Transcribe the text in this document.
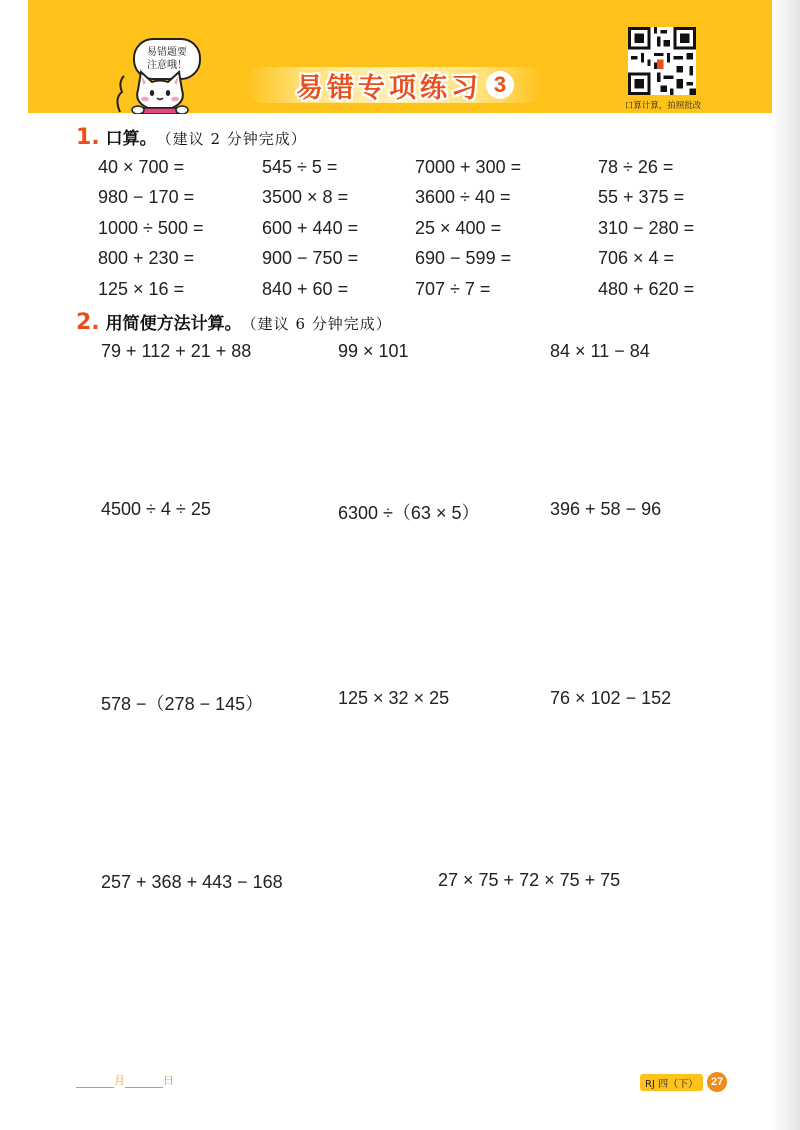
易 错 专 项 练 习 3
易错题要
注意哦！
口算计算，拍照批改
1. 口算。 （建议 2 分钟完成）
40 × 700 =	545 ÷ 5 =	7000 + 300 =	78 ÷ 26 =
980 − 170 =	3500 × 8 =	3600 ÷ 40 =	55 + 375 =
1000 ÷ 500 =	600 + 440 =	25 × 400 =	310 − 280 =
800 + 230 =	900 − 750 =	690 − 599 =	706 × 4 =
125 × 16 =	840 + 60 =	707 ÷ 7 =	480 + 620 =
2. 用简便方法计算。 （建议 6 分钟完成）
79 + 112 + 21 + 88	99 × 101	84 × 11 − 84
4500 ÷ 4 ÷ 25	6300 ÷（63 × 5）	396 + 58 − 96
578 −（278 − 145）	125 × 32 × 25	76 × 102 − 152
257 + 368 + 443 − 168	27 × 75 + 72 × 75 + 75
月	日	RJ 四（下）	27
